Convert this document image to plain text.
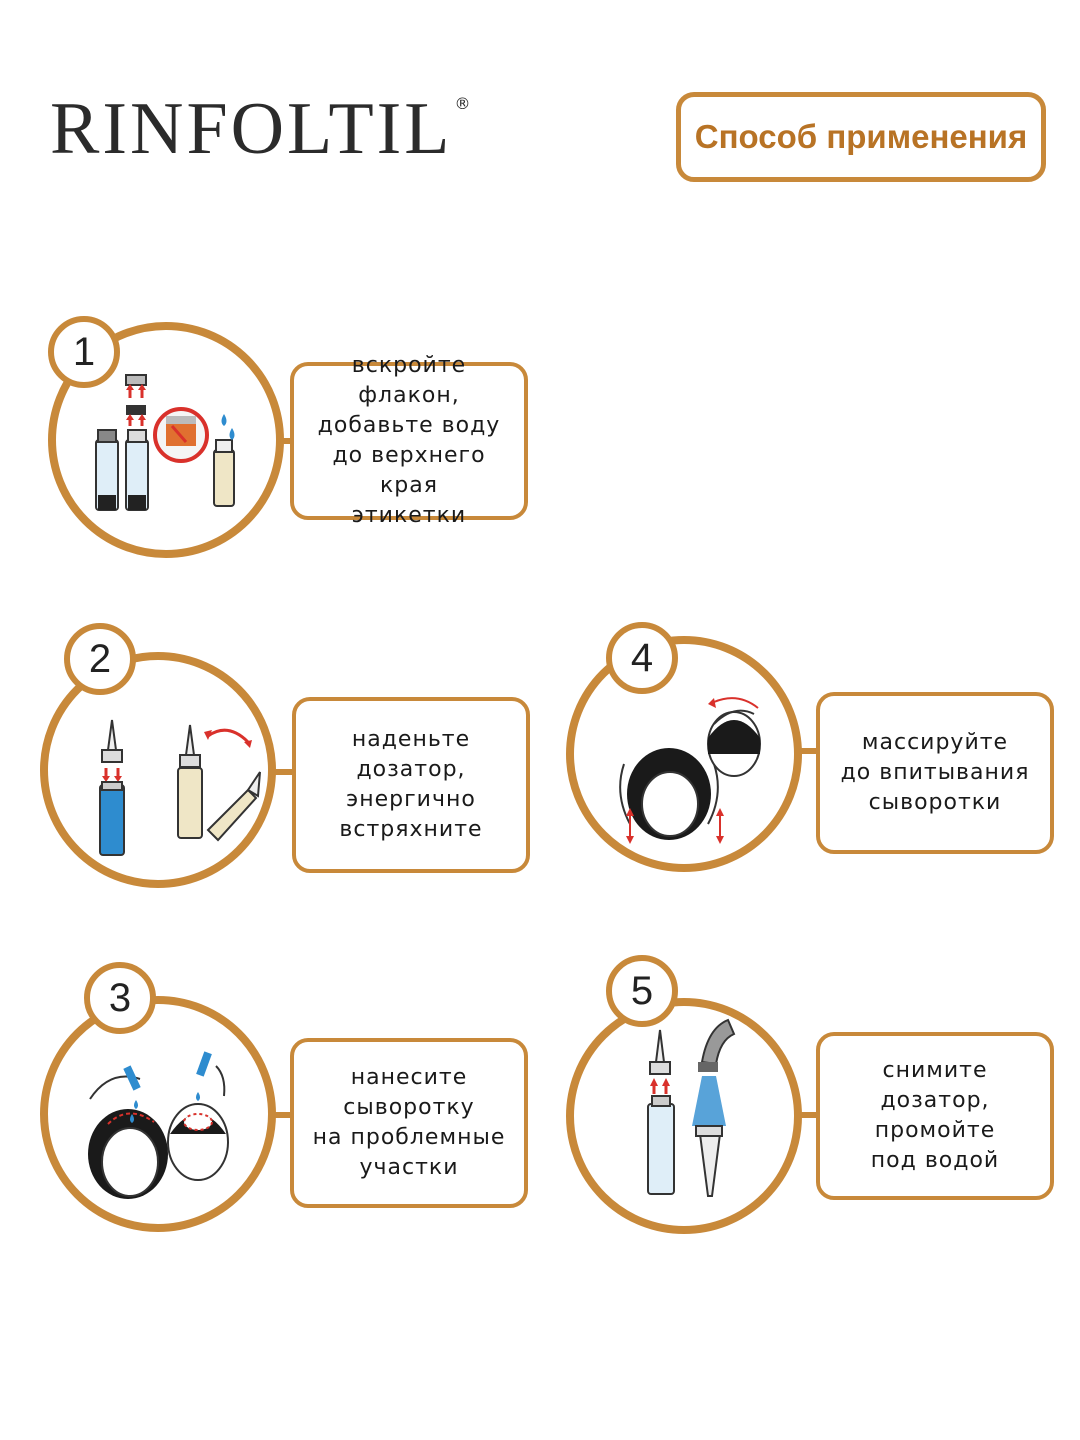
RINFOLTIL ®
Способ применения
1	вскройте флакон,
добавьте воду
до верхнего края
этикетки
2
наденьте
дозатор,
энергично
встряхните
3
нанесите
сыворотку
на проблемные
участки
4
массируйте
до впитывания
сыворотки
5
снимите
дозатор,
промойте
под водой
